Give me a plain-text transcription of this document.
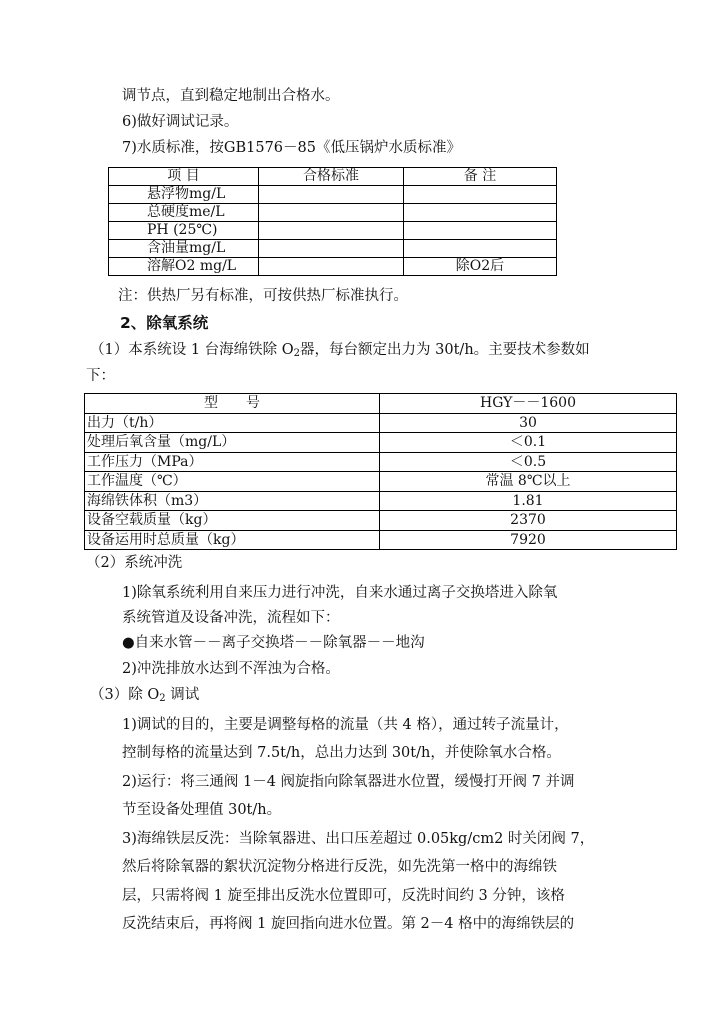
调节点，直到稳定地制出合格水。
6)做好调试记录。
7)水质标准，按GB1576－85《低压锅炉水质标准》
项 目	合格标准	备 注
悬浮物mg/L		
总硬度me/L		
PH (25℃)		
含油量mg/L		
溶解O2 mg/L		除O2后
注：供热厂另有标准，可按供热厂标准执行。
2、除氧系统
（1）本系统设 1 台海绵铁除 $O_2$器，每台额定出力为 30t/h。主要技术参数如
下：
型　　号	HGY－－1600
出力（t/h）	30
处理后氧含量（mg/L）	＜0.1
工作压力（MPa）	＜0.5
工作温度（℃）	常温 8℃以上
海绵铁体积（m3）	1.81
设备空载质量（kg）	2370
设备运用时总质量（kg）	7920
（2）系统冲洗
1)除氧系统利用自来压力进行冲洗，自来水通过离子交换塔进入除氧
系统管道及设备冲洗，流程如下：
●自来水管－－离子交换塔－－除氧器－－地沟
2)冲洗排放水达到不浑浊为合格。
（3）除 $O_2$ 调试
1)调试的目的，主要是调整每格的流量（共 4 格），通过转子流量计，
控制每格的流量达到 7.5t/h，总出力达到 30t/h，并使除氧水合格。
2)运行：将三通阀 1－4 阀旋指向除氧器进水位置，缓慢打开阀 7 并调
节至设备处理值 30t/h。
3)海绵铁层反洗：当除氧器进、出口压差超过 0.05kg/cm2 时关闭阀 7，
然后将除氧器的絮状沉淀物分格进行反洗，如先洗第一格中的海绵铁
层，只需将阀 1 旋至排出反洗水位置即可，反洗时间约 3 分钟，该格
反洗结束后，再将阀 1 旋回指向进水位置。第 2－4 格中的海绵铁层的
